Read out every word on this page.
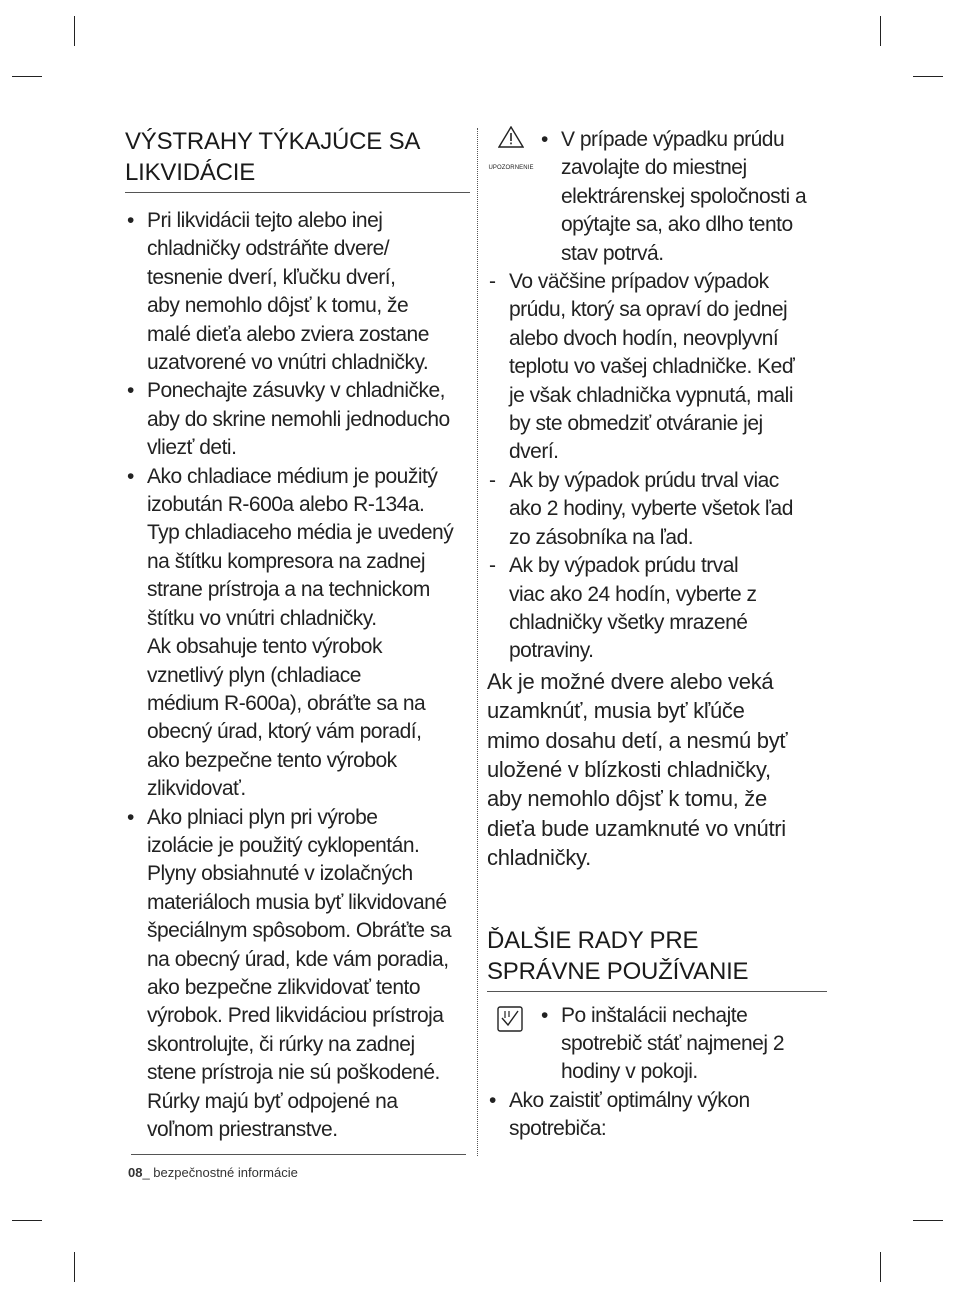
VÝSTRAHY TÝKAJÚCE SA
LIKVIDÁCIE
• Pri likvidácii tejto alebo inej
chladničky odstráňte dvere/
tesnenie dverí, kľučku dverí,
aby nemohlo dôjsť k tomu, že
malé dieťa alebo zviera zostane
uzatvorené vo vnútri chladničky.
• Ponechajte zásuvky v chladničke,
aby do skrine nemohli jednoducho
vliezť deti.
• Ako chladiace médium je použitý
izobután R-600a alebo R-134a.
Typ chladiaceho média je uvedený
na štítku kompresora na zadnej
strane prístroja a na technickom
štítku vo vnútri chladničky.
Ak obsahuje tento výrobok
vznetlivý plyn (chladiace
médium R-600a), obráťte sa na
obecný úrad, ktorý vám poradí,
ako bezpečne tento výrobok
zlikvidovať.
• Ako plniaci plyn pri výrobe
izolácie je použitý cyklopentán.
Plyny obsiahnuté v izolačných
materiáloch musia byť likvidované
špeciálnym spôsobom. Obráťte sa
na obecný úrad, kde vám poradia,
ako bezpečne zlikvidovať tento
výrobok. Pred likvidáciou prístroja
skontrolujte, či rúrky na zadnej
stene prístroja nie sú poškodené.
Rúrky majú byť odpojené na
voľnom priestranstve.
08_ bezpečnostné informácie
UPOZORNENIE
• V prípade výpadku prúdu
zavolajte do miestnej
elektrárenskej spoločnosti a
opýtajte sa, ako dlho tento
stav potrvá.
- Vo väčšine prípadov výpadok
prúdu, ktorý sa opraví do jednej
alebo dvoch hodín, neovplyvní
teplotu vo vašej chladničke. Keď
je však chladnička vypnutá, mali
by ste obmedziť otváranie jej
dverí.
- Ak by výpadok prúdu trval viac
ako 2 hodiny, vyberte všetok ľad
zo zásobníka na ľad.
- Ak by výpadok prúdu trval
viac ako 24 hodín, vyberte z
chladničky všetky mrazené
potraviny.
Ak je možné dvere alebo veká
uzamknúť, musia byť kľúče
mimo dosahu detí, a nesmú byť
uložené v blízkosti chladničky,
aby nemohlo dôjsť k tomu, že
dieťa bude uzamknuté vo vnútri
chladničky.
ĎALŠIE RADY PRE
SPRÁVNE POUŽÍVANIE
• Po inštalácii nechajte
spotrebič stáť najmenej 2
hodiny v pokoji.
• Ako zaistiť optimálny výkon
spotrebiča:
